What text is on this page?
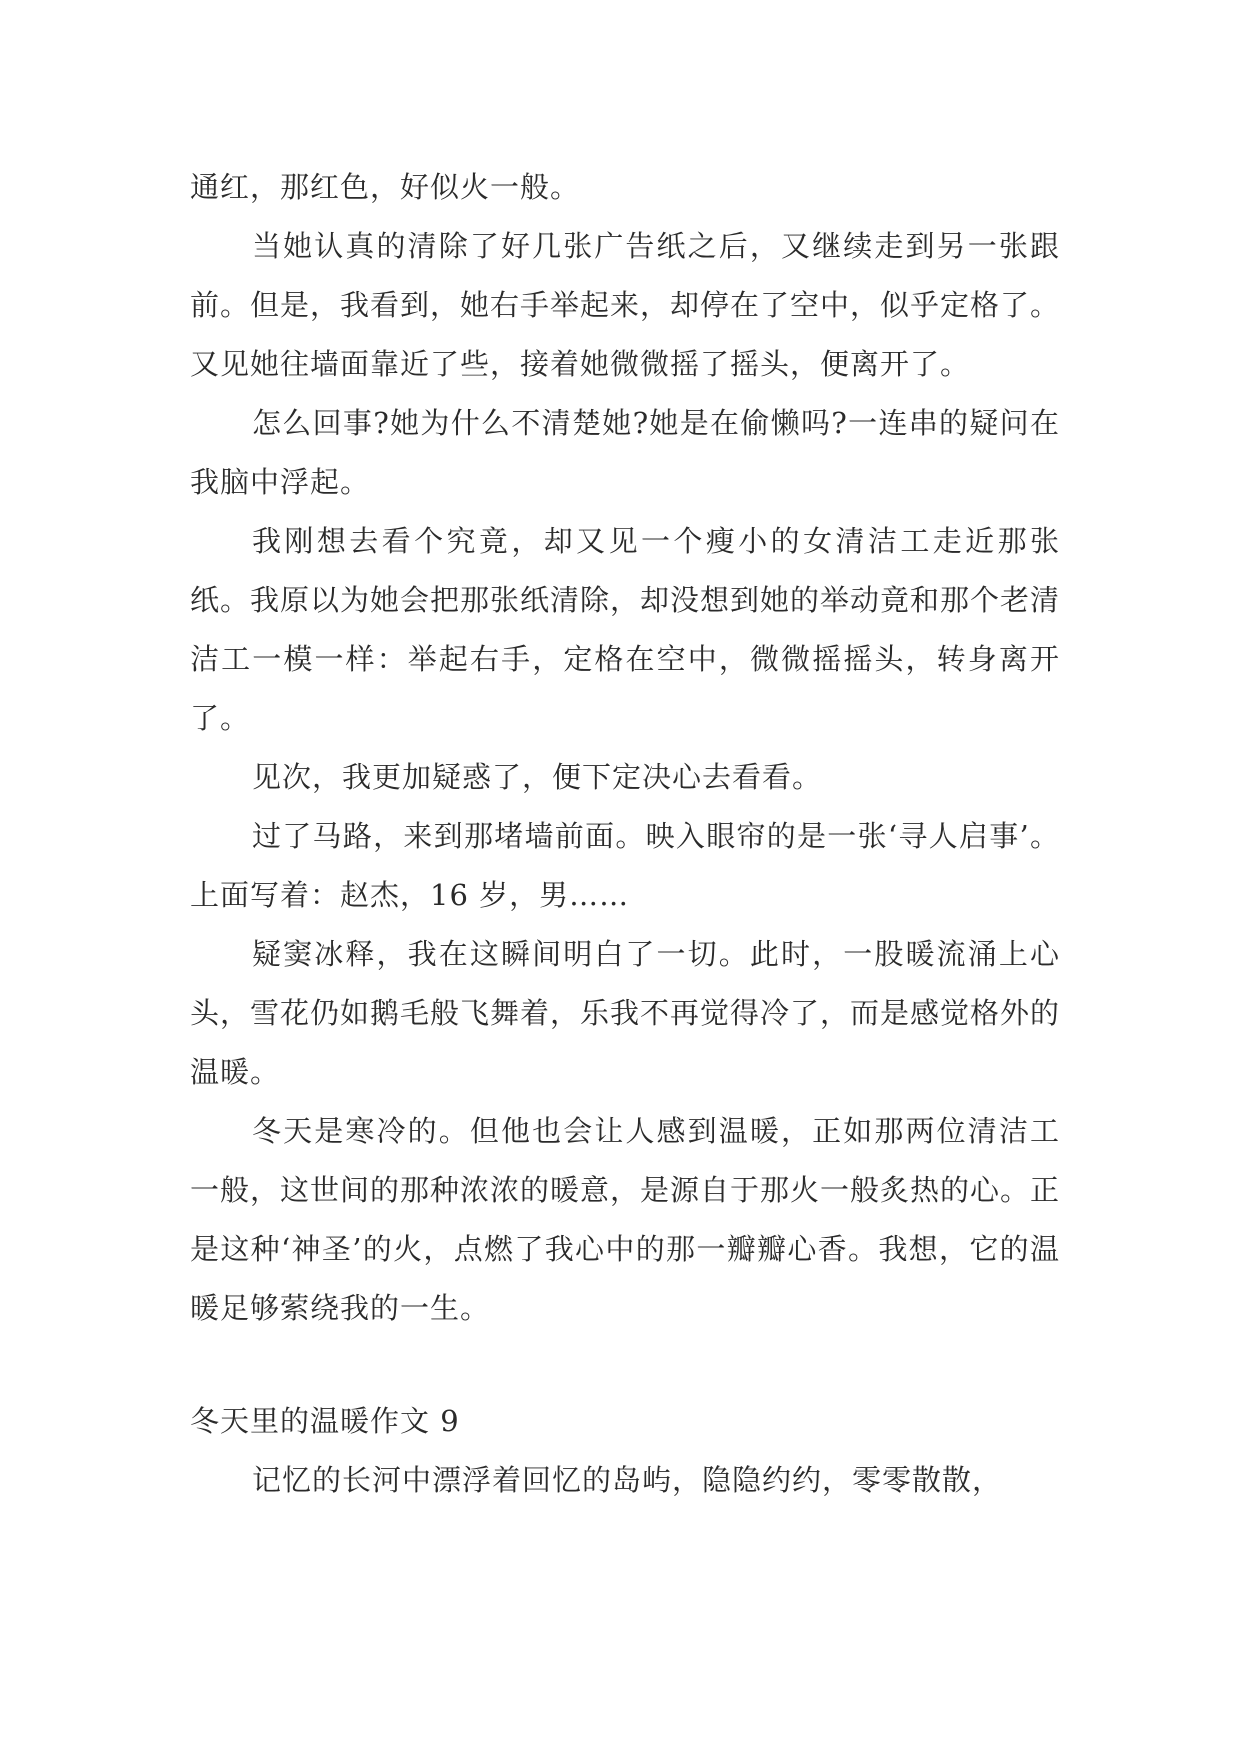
通红，那红色，好似火一般。

当她认真的清除了好几张广告纸之后，又继续走到另一张跟前。但是，我看到，她右手举起来，却停在了空中，似乎定格了。又见她往墙面靠近了些，接着她微微摇了摇头，便离开了。

怎么回事?她为什么不清楚她?她是在偷懒吗?一连串的疑问在我脑中浮起。

我刚想去看个究竟，却又见一个瘦小的女清洁工走近那张纸。我原以为她会把那张纸清除，却没想到她的举动竟和那个老清洁工一模一样：举起右手，定格在空中，微微摇摇头，转身离开了。

见次，我更加疑惑了，便下定决心去看看。

过了马路，来到那堵墙前面。映入眼帘的是一张‘寻人启事’。上面写着：赵杰，16 岁，男……

疑窦冰释，我在这瞬间明白了一切。此时，一股暖流涌上心头，雪花仍如鹅毛般飞舞着，乐我不再觉得冷了，而是感觉格外的温暖。

冬天是寒冷的。但他也会让人感到温暖，正如那两位清洁工一般，这世间的那种浓浓的暖意，是源自于那火一般炙热的心。正是这种‘神圣’的火，点燃了我心中的那一瓣瓣心香。我想，它的温暖足够萦绕我的一生。

冬天里的温暖作文 9

记忆的长河中漂浮着回忆的岛屿，隐隐约约，零零散散，
